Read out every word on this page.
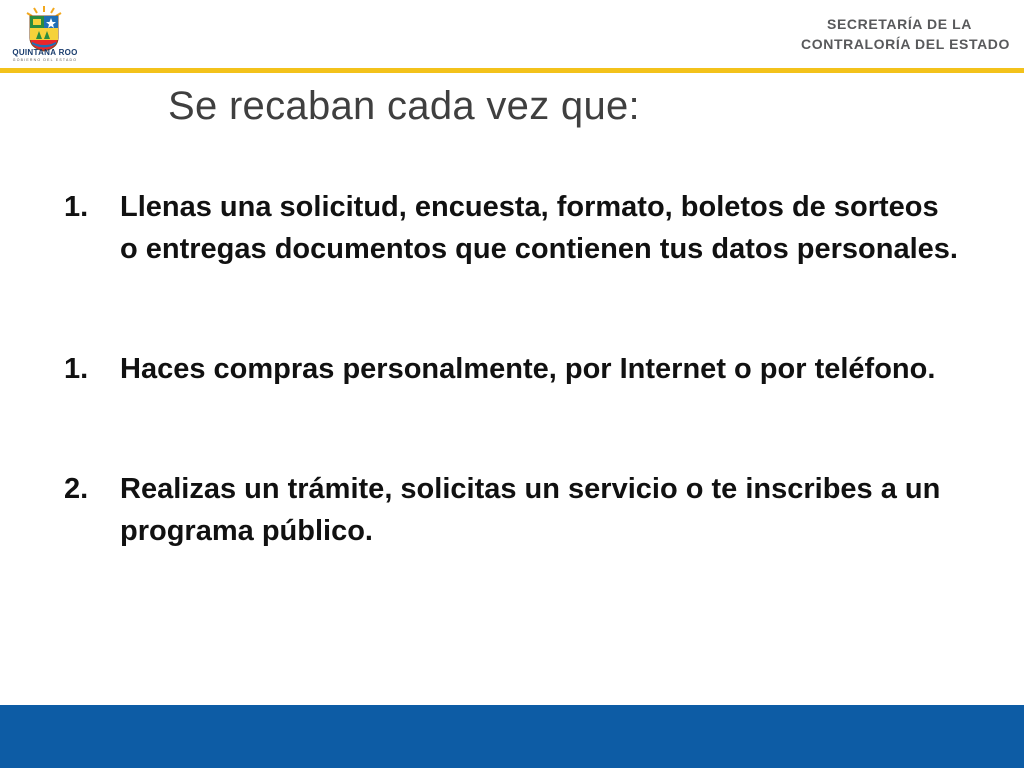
QUINTANA ROO
GOBIERNO DEL ESTADO
SECRETARÍA DE LA
CONTRALORÍA DEL ESTADO
Se recaban cada vez que:
1. Llenas una solicitud, encuesta, formato, boletos de sorteos o entregas documentos que contienen tus datos personales.
1. Haces compras personalmente, por Internet o por teléfono.
2. Realizas un trámite, solicitas un servicio o te inscribes a un programa público.
